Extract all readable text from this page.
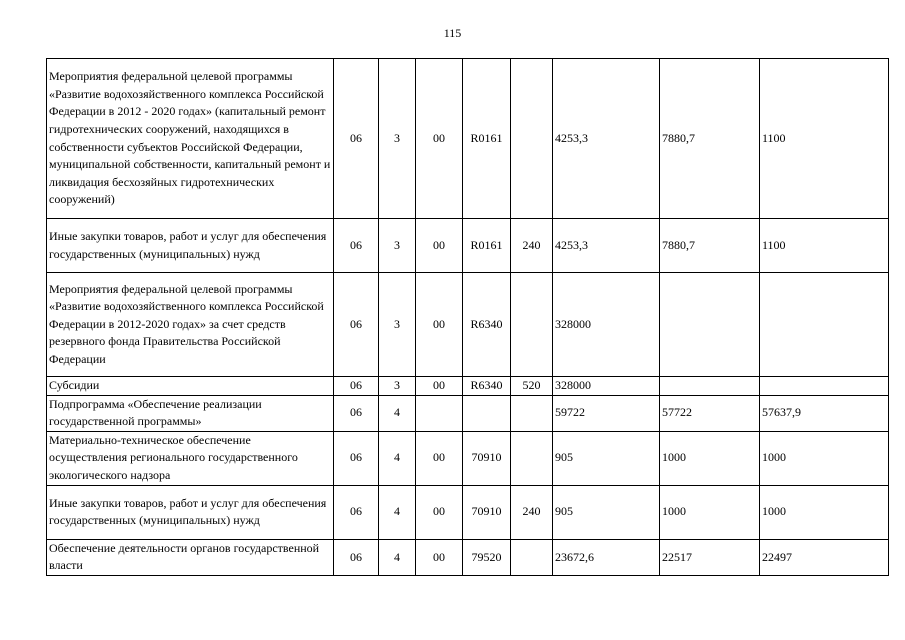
115
Мероприятия федеральной целевой программы «Развитие водохозяйственного комплекса Российской Федерации в 2012 - 2020 годах» (капитальный ремонт гидротехнических сооружений, находящихся в собственности субъектов Российской Федерации, муниципальной собственности, капитальный ремонт и ликвидация бесхозяйных гидротехнических сооружений)	06	3	00	R0161		4253,3	7880,7	1100
Иные закупки товаров, работ и услуг для обеспечения государственных (муниципальных) нужд	06	3	00	R0161	240	4253,3	7880,7	1100
Мероприятия федеральной целевой программы «Развитие водохозяйственного комплекса Российской Федерации в 2012-2020 годах» за счет средств резервного фонда Правительства Российской Федерации	06	3	00	R6340		328000		
Субсидии	06	3	00	R6340	520	328000		
Подпрограмма «Обеспечение реализации государственной программы»	06	4				59722	57722	57637,9
Материально-техническое обеспечение осуществления регионального государственного экологического надзора	06	4	00	70910		905	1000	1000
Иные закупки товаров, работ и услуг для обеспечения государственных (муниципальных) нужд	06	4	00	70910	240	905	1000	1000
Обеспечение деятельности органов государственной власти	06	4	00	79520		23672,6	22517	22497
